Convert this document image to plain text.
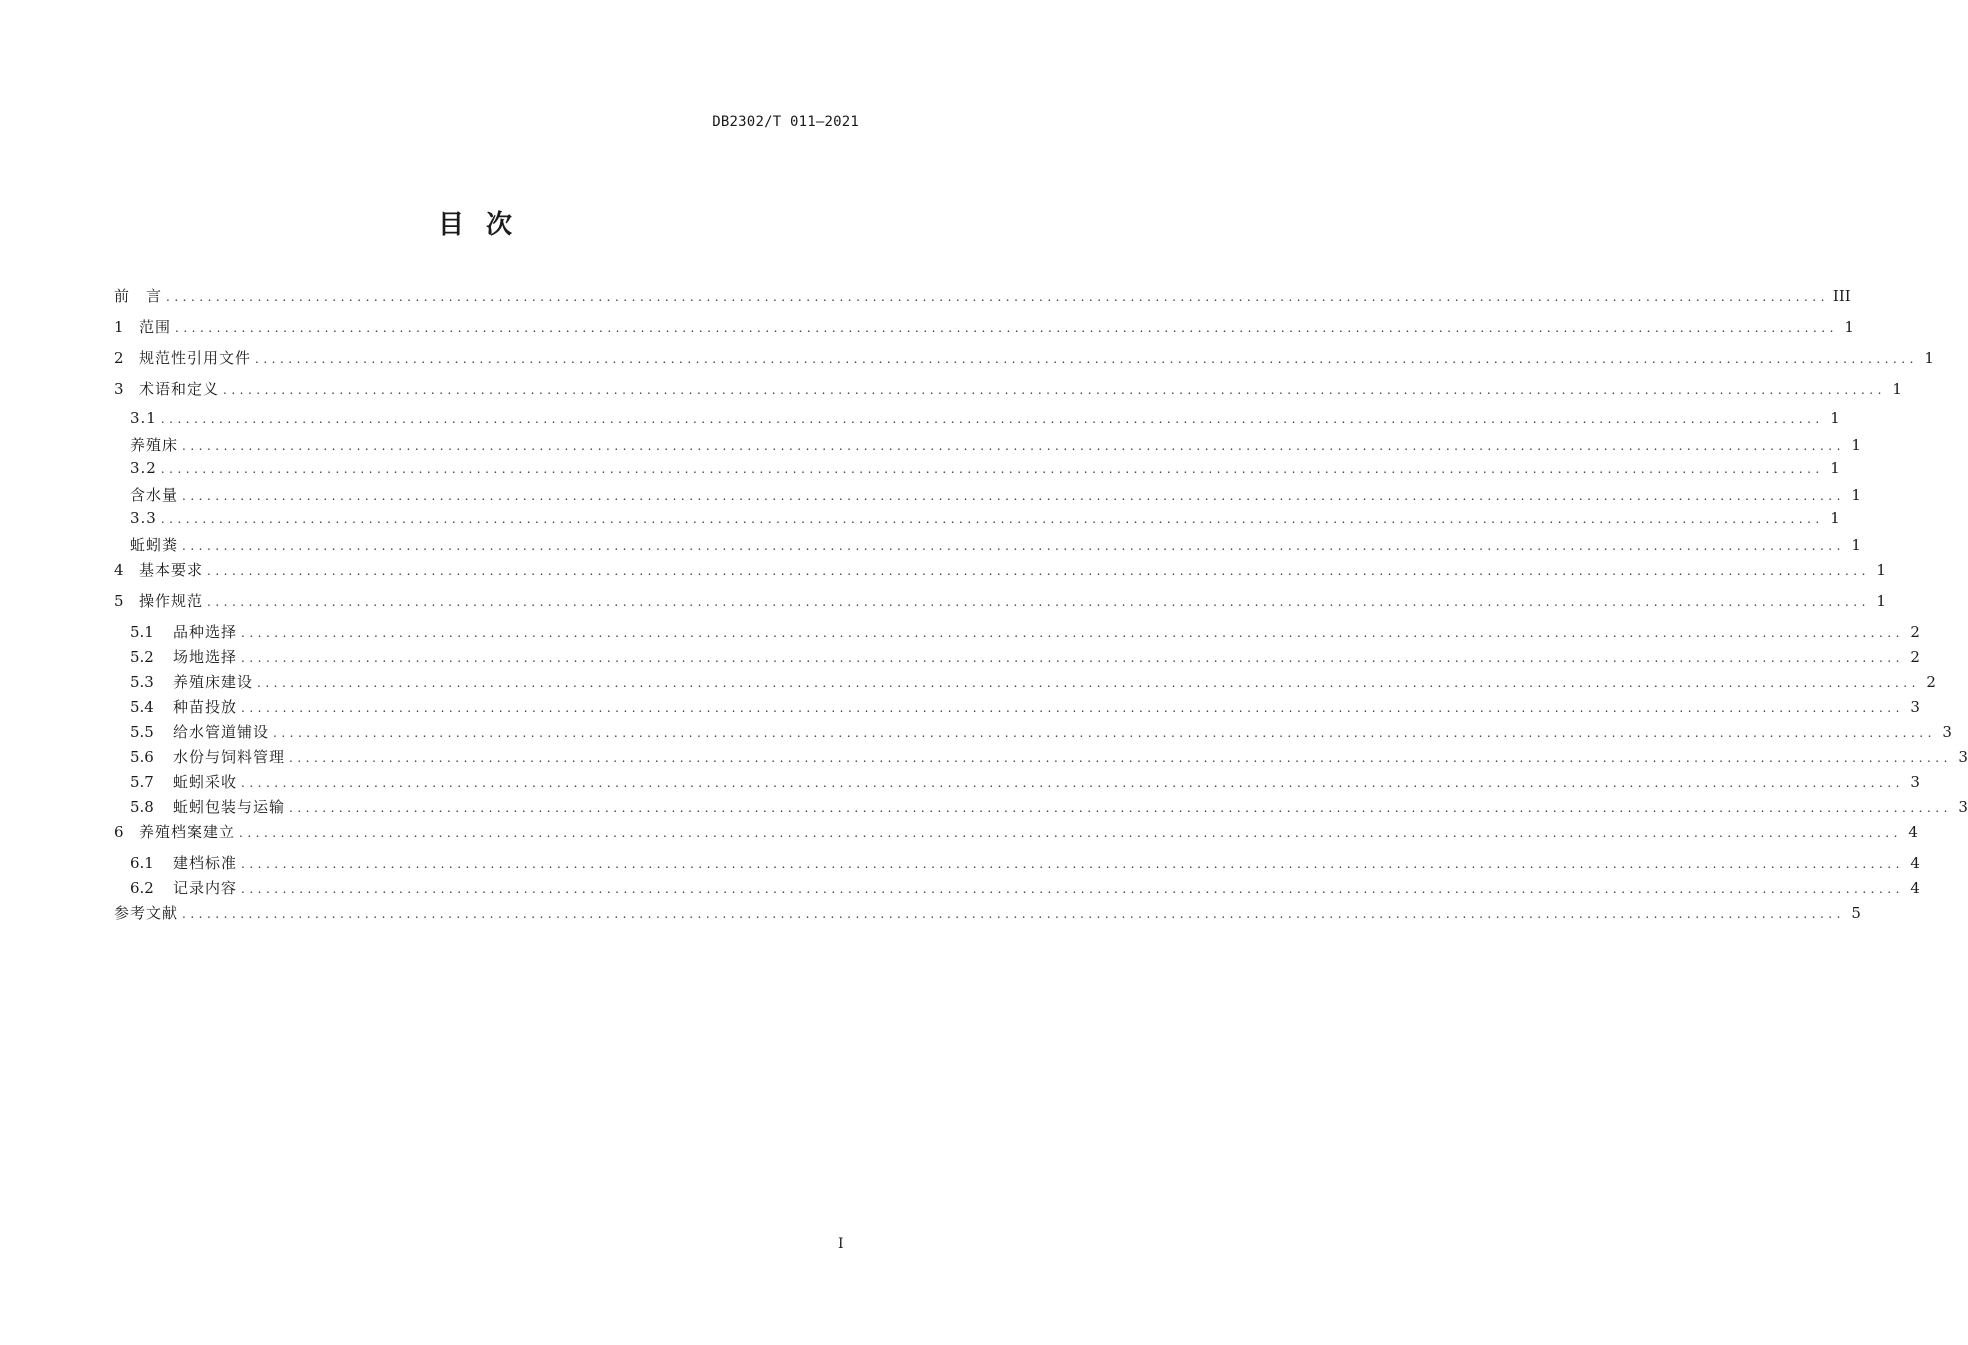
DB2302/T 011—2021
目次
前　言 ........................................................................................................................................................................................................ III
1	范围 ........................................................................................................................................................................................................ 1
2	规范性引用文件 ........................................................................................................................................................................................................ 1
3	术语和定义 ........................................................................................................................................................................................................ 1
3.1 ........................................................................................................................................................................................................ 1
养殖床 ........................................................................................................................................................................................................ 1
3.2 ........................................................................................................................................................................................................ 1
含水量 ........................................................................................................................................................................................................ 1
3.3 ........................................................................................................................................................................................................ 1
蚯蚓粪 ........................................................................................................................................................................................................ 1
4	基本要求 ........................................................................................................................................................................................................ 1
5	操作规范 ........................................................................................................................................................................................................ 1
5.1	品种选择 ........................................................................................................................................................................................................ 2
5.2	场地选择 ........................................................................................................................................................................................................ 2
5.3	养殖床建设 ........................................................................................................................................................................................................ 2
5.4	种苗投放 ........................................................................................................................................................................................................ 3
5.5	给水管道铺设 ........................................................................................................................................................................................................ 3
5.6	水份与饲料管理 ........................................................................................................................................................................................................ 3
5.7	蚯蚓采收 ........................................................................................................................................................................................................ 3
5.8	蚯蚓包装与运输 ........................................................................................................................................................................................................ 3
6	养殖档案建立 ........................................................................................................................................................................................................ 4
6.1	建档标准 ........................................................................................................................................................................................................ 4
6.2	记录内容 ........................................................................................................................................................................................................ 4
参考文献 ........................................................................................................................................................................................................ 5
I
